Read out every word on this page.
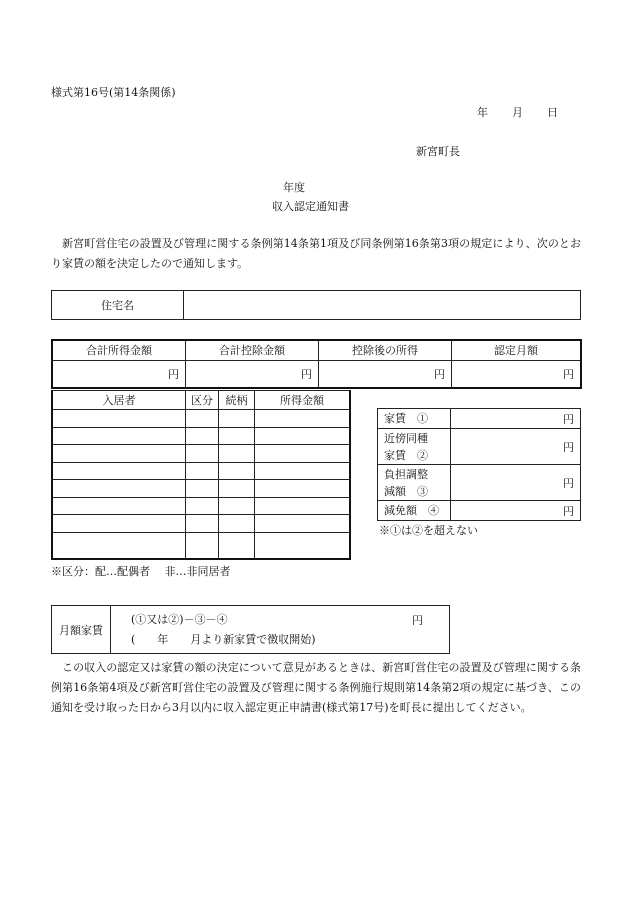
様式第16号(第14条関係)
年 月 日
新宮町長
年度
収入認定通知書
　新宮町営住宅の設置及び管理に関する条例第14条第1項及び同条例第16条第3項の規定により、次のとおり家賃の額を決定したので通知します。
住宅名	
合計所得金額	合計控除金額	控除後の所得	認定月額
円	円	円	円
入居者	区分	続柄	所得金額

家賃　①	円
近傍同種
家賃　②	円
負担調整
減額　③	円
減免額　④	円
※①は②を超えない
※区分：配…配偶者　 非…非同居者
月額家賃	
(①又は②)－③－④
(　　年　　月より新家賃で徴収開始)
円
　この収入の認定又は家賃の額の決定について意見があるときは、新宮町営住宅の設置及び管理に関する条例第16条第4項及び新宮町営住宅の設置及び管理に関する条例施行規則第14条第2項の規定に基づき、この通知を受け取った日から3月以内に収入認定更正申請書(様式第17号)を町長に提出してください。
